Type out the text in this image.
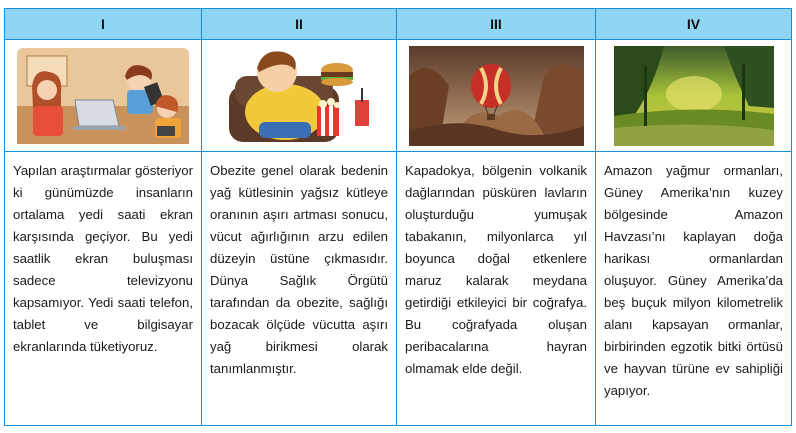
I	II	III	IV
Yapılan araştırmalar gösteriyor ki günümüzde insanların ortalama yedi saati ekran karşısında geçiyor. Bu yedi saatlik ekran buluşması sadece televizyonu kapsamıyor. Yedi saati telefon, tablet ve bilgisayar ekranlarında tüketiyoruz.
Obezite genel olarak bedenin yağ kütlesinin yağsız kütleye oranının aşırı artması sonucu, vücut ağırlığının arzu edilen düzeyin üstüne çıkmasıdır. Dünya Sağlık Örgütü tarafından da obezite, sağlığı bozacak ölçüde vücutta aşırı yağ birikmesi olarak tanımlanmıştır.
Kapadokya, bölgenin volkanik dağlarından püsküren lavların oluşturduğu yumuşak tabakanın, milyonlarca yıl boyunca doğal etkenlere maruz kalarak meydana getirdiği etkileyici bir coğrafya. Bu coğrafyada oluşan peribacalarına hayran olmamak elde değil.
Amazon yağmur ormanları, Güney Amerika’nın kuzey bölgesinde Amazon Havzası’nı kaplayan doğa harikası ormanlardan oluşuyor. Güney Amerika’da beş buçuk milyon kilometrelik alanı kapsayan ormanlar, birbirinden egzotik bitki örtüsü ve hayvan türüne ev sahipliği yapıyor.
